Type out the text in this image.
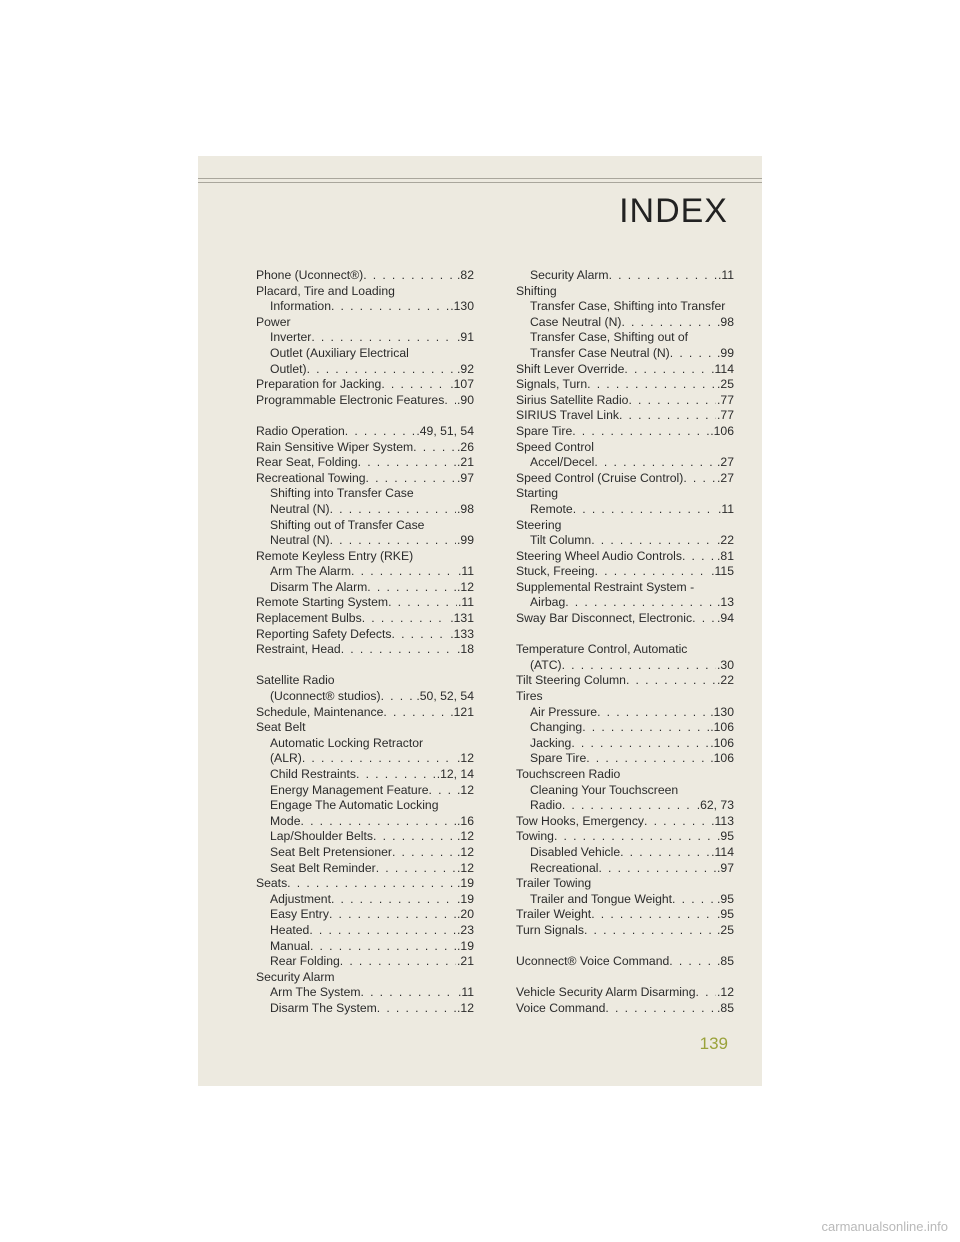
INDEX
Phone (Uconnect®) . . .	.82
Placard, Tire and Loading
Information . . .	.130
Power
Inverter . . .	.91
Outlet (Auxiliary Electrical
Outlet) . . .	.92
Preparation for Jacking . . .	.107
Programmable Electronic Features . . . .90
Radio Operation . . .	.49, 51, 54
Rain Sensitive Wiper System . . .	.26
Rear Seat, Folding . . .	.21
Recreational Towing . . .	.97
Shifting into Transfer Case
Neutral (N) . . .	.98
Shifting out of Transfer Case
Neutral (N) . . .	.99
Remote Keyless Entry (RKE)
Arm The Alarm . . .	.11
Disarm The Alarm . . .	.12
Remote Starting System . . .	.11
Replacement Bulbs . . .	.131
Reporting Safety Defects . . .	.133
Restraint, Head . . .	.18
Satellite Radio
(Uconnect® studios) . . .	.50, 52, 54
Schedule, Maintenance . . .	.121
Seat Belt
Automatic Locking Retractor
(ALR) . . .	.12
Child Restraints . . .	.12, 14
Energy Management Feature . . . .12
Engage The Automatic Locking
Mode . . .	.16
Lap/Shoulder Belts . . .	.12
Seat Belt Pretensioner . . .	.12
Seat Belt Reminder . . .	.12
Seats . . .	.19
Adjustment . . .	.19
Easy Entry . . .	.20
Heated . . .	.23
Manual . . .	.19
Rear Folding . . .	.21
Security Alarm
Arm The System . . .	.11
Disarm The System . . .	.12
Security Alarm . . .	.11
Shifting
Transfer Case, Shifting into Transfer
Case Neutral (N) . . .	.98
Transfer Case, Shifting out of
Transfer Case Neutral (N) . . .	.99
Shift Lever Override . . .	.114
Signals, Turn . . .	.25
Sirius Satellite Radio . . .	.77
SIRIUS Travel Link . . .	.77
Spare Tire . . .	.106
Speed Control
Accel/Decel . . .	.27
Speed Control (Cruise Control) . . .	.27
Starting
Remote . . .	.11
Steering
Tilt Column . . .	.22
Steering Wheel Audio Controls . . .	.81
Stuck, Freeing . . .	.115
Supplemental Restraint System -
Airbag . . .	.13
Sway Bar Disconnect, Electronic . . . .94
Temperature Control, Automatic
(ATC) . . .	.30
Tilt Steering Column . . .	.22
Tires
Air Pressure . . .	.130
Changing . . .	.106
Jacking . . .	.106
Spare Tire . . .	.106
Touchscreen Radio
Cleaning Your Touchscreen
Radio . . .	.62, 73
Tow Hooks, Emergency . . .	.113
Towing . . .	.95
Disabled Vehicle . . .	.114
Recreational . . .	.97
Trailer Towing
Trailer and Tongue Weight . . .	.95
Trailer Weight . . .	.95
Turn Signals . . .	.25
Uconnect® Voice Command . . .	.85
Vehicle Security Alarm Disarming . . . .12
Voice Command . . .	.85
139
carmanualsonline.info
